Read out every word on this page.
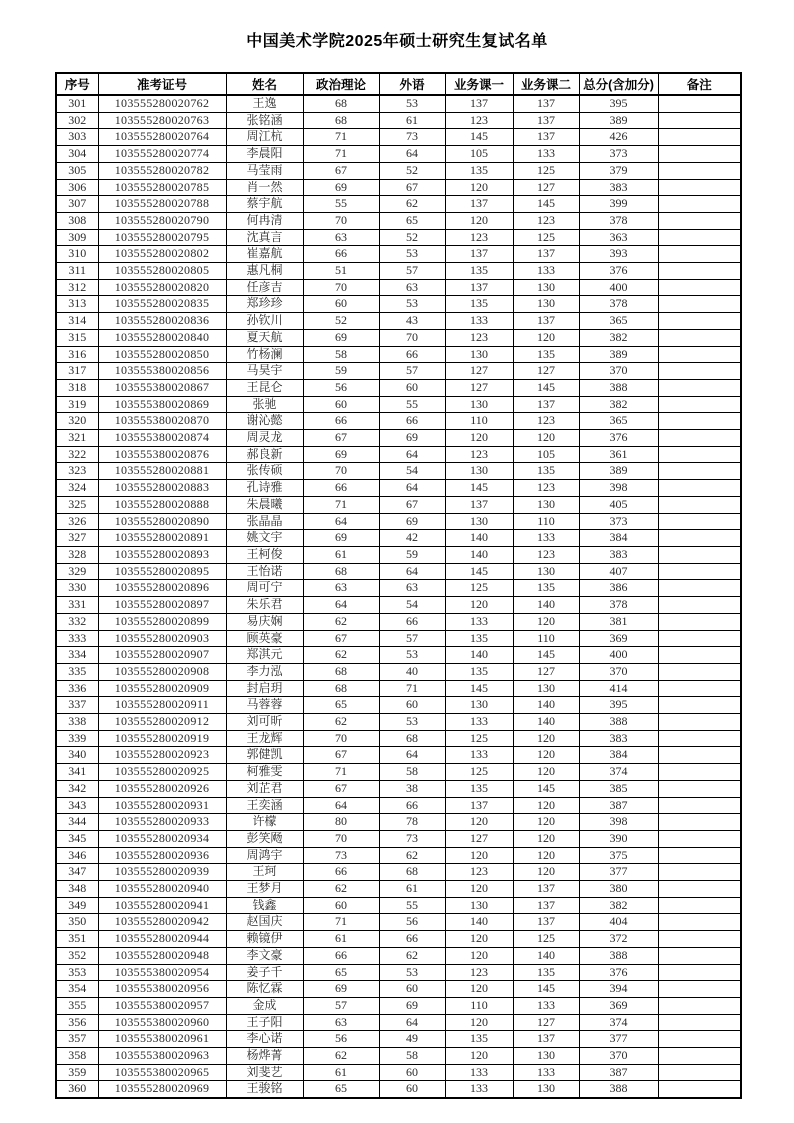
中国美术学院2025年硕士研究生复试名单
序号	准考证号	姓名	政治理论	外语	业务课一	业务课二	总分(含加分)	备注
301	103555280020762	王逸	68	53	137	137	395	
302	103555280020763	张铭涵	68	61	123	137	389	
303	103555280020764	周江杭	71	73	145	137	426	
304	103555280020774	李晨阳	71	64	105	133	373	
305	103555280020782	马莹雨	67	52	135	125	379	
306	103555280020785	肖一然	69	67	120	127	383	
307	103555280020788	蔡宇航	55	62	137	145	399	
308	103555280020790	何冉清	70	65	120	123	378	
309	103555280020795	沈真言	63	52	123	125	363	
310	103555280020802	崔嘉航	66	53	137	137	393	
311	103555280020805	惠凡桐	51	57	135	133	376	
312	103555280020820	任彦吉	70	63	137	130	400	
313	103555280020835	郑珍珍	60	53	135	130	378	
314	103555280020836	孙钦川	52	43	133	137	365	
315	103555280020840	夏天航	69	70	123	120	382	
316	103555280020850	竹杨澜	58	66	130	135	389	
317	103555380020856	马昊宇	59	57	127	127	370	
318	103555380020867	王昆仑	56	60	127	145	388	
319	103555380020869	张驰	60	55	130	137	382	
320	103555380020870	谢沁懿	66	66	110	123	365	
321	103555380020874	周灵龙	67	69	120	120	376	
322	103555380020876	郝良新	69	64	123	105	361	
323	103555280020881	张传硕	70	54	130	135	389	
324	103555280020883	孔诗雅	66	64	145	123	398	
325	103555280020888	朱晨曦	71	67	137	130	405	
326	103555280020890	张晶晶	64	69	130	110	373	
327	103555280020891	姚文宇	69	42	140	133	384	
328	103555280020893	王柯俊	61	59	140	123	383	
329	103555280020895	王怡诺	68	64	145	130	407	
330	103555280020896	周可宁	63	63	125	135	386	
331	103555280020897	朱乐君	64	54	120	140	378	
332	103555280020899	易庆娴	62	66	133	120	381	
333	103555280020903	顾英豪	67	57	135	110	369	
334	103555280020907	郑淇元	62	53	140	145	400	
335	103555280020908	李力泓	68	40	135	127	370	
336	103555280020909	封启玥	68	71	145	130	414	
337	103555280020911	马蓉蓉	65	60	130	140	395	
338	103555280020912	刘可昕	62	53	133	140	388	
339	103555280020919	王龙辉	70	68	125	120	383	
340	103555280020923	郭健凯	67	64	133	120	384	
341	103555280020925	柯雅雯	71	58	125	120	374	
342	103555280020926	刘芷君	67	38	135	145	385	
343	103555280020931	王奕涵	64	66	137	120	387	
344	103555280020933	许檬	80	78	120	120	398	
345	103555280020934	彭笑飏	70	73	127	120	390	
346	103555280020936	周鸿宇	73	62	120	120	375	
347	103555280020939	王珂	66	68	123	120	377	
348	103555280020940	王梦月	62	61	120	137	380	
349	103555280020941	钱鑫	60	55	130	137	382	
350	103555280020942	赵国庆	71	56	140	137	404	
351	103555280020944	赖镜伊	61	66	120	125	372	
352	103555280020948	李文豪	66	62	120	140	388	
353	103555380020954	姜子千	65	53	123	135	376	
354	103555380020956	陈忆霖	69	60	120	145	394	
355	103555380020957	金成	57	69	110	133	369	
356	103555380020960	王子阳	63	64	120	127	374	
357	103555380020961	李心诺	56	49	135	137	377	
358	103555380020963	杨烨菁	62	58	120	130	370	
359	103555380020965	刘斐艺	61	60	133	133	387	
360	103555280020969	王骏铭	65	60	133	130	388	
